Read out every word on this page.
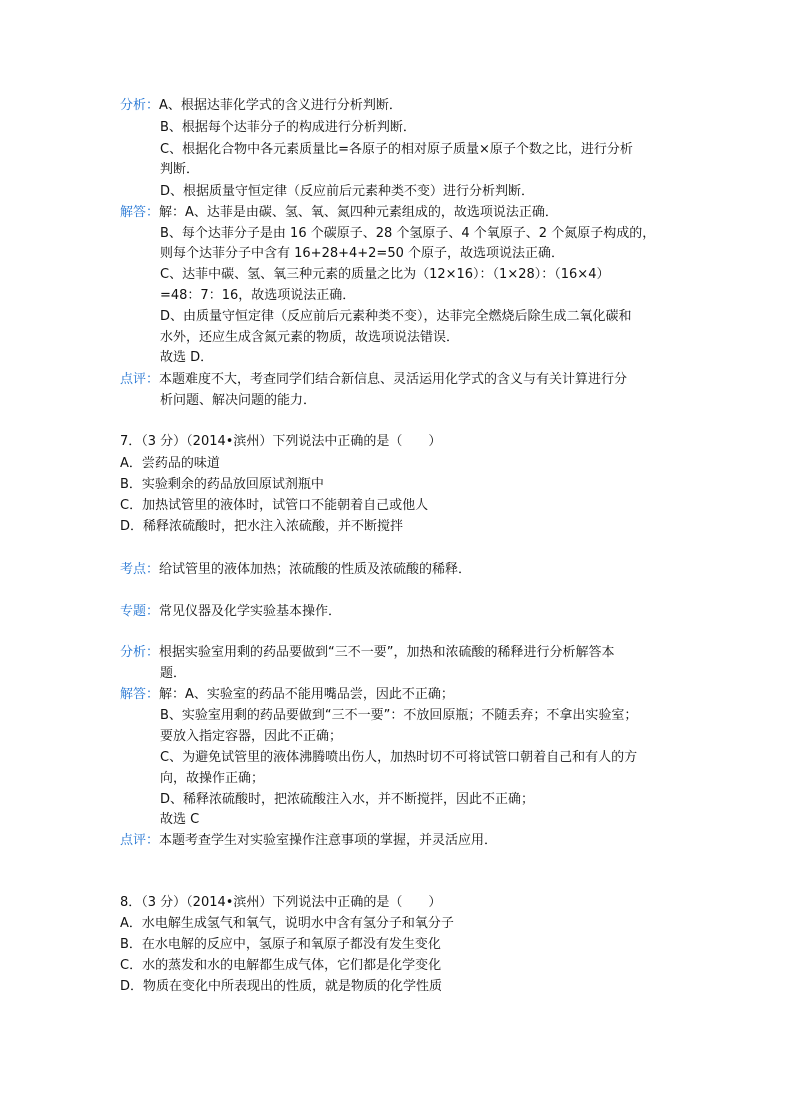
分析：A、根据达菲化学式的含义进行分析判断．
B、根据每个达菲分子的构成进行分析判断．
C、根据化合物中各元素质量比=各原子的相对原子质量×原子个数之比，进行分析
判断．
D、根据质量守恒定律（反应前后元素种类不变）进行分析判断．
解答：解：A、达菲是由碳、氢、氧、氮四种元素组成的，故选项说法正确．
B、每个达菲分子是由 16 个碳原子、28 个氢原子、4 个氧原子、2 个氮原子构成的，
则每个达菲分子中含有 16+28+4+2=50 个原子，故选项说法正确．
C、达菲中碳、氢、氧三种元素的质量之比为（12×16）：（1×28）：（16×4）
=48：7：16，故选项说法正确．
D、由质量守恒定律（反应前后元素种类不变），达菲完全燃烧后除生成二氧化碳和
水外，还应生成含氮元素的物质，故选项说法错误．
故选 D．
点评：本题难度不大，考查同学们结合新信息、灵活运用化学式的含义与有关计算进行分
析问题、解决问题的能力．
7．（3 分）（2014•滨州）下列说法中正确的是（　　）
A．尝药品的味道
B．实验剩余的药品放回原试剂瓶中
C．加热试管里的液体时，试管口不能朝着自己或他人
D．稀释浓硫酸时，把水注入浓硫酸，并不断搅拌
考点：给试管里的液体加热；浓硫酸的性质及浓硫酸的稀释．
专题：常见仪器及化学实验基本操作．
分析：根据实验室用剩的药品要做到“三不一要”，加热和浓硫酸的稀释进行分析解答本
题．
解答：解：A、实验室的药品不能用嘴品尝，因此不正确；
B、实验室用剩的药品要做到“三不一要”：不放回原瓶；不随丢弃；不拿出实验室；
要放入指定容器，因此不正确；
C、为避免试管里的液体沸腾喷出伤人，加热时切不可将试管口朝着自己和有人的方
向，故操作正确；
D、稀释浓硫酸时，把浓硫酸注入水，并不断搅拌，因此不正确；
故选 C
点评：本题考查学生对实验室操作注意事项的掌握，并灵活应用．
8．（3 分）（2014•滨州）下列说法中正确的是（　　）
A．水电解生成氢气和氧气，说明水中含有氢分子和氧分子
B．在水电解的反应中，氢原子和氧原子都没有发生变化
C．水的蒸发和水的电解都生成气体，它们都是化学变化
D．物质在变化中所表现出的性质，就是物质的化学性质
